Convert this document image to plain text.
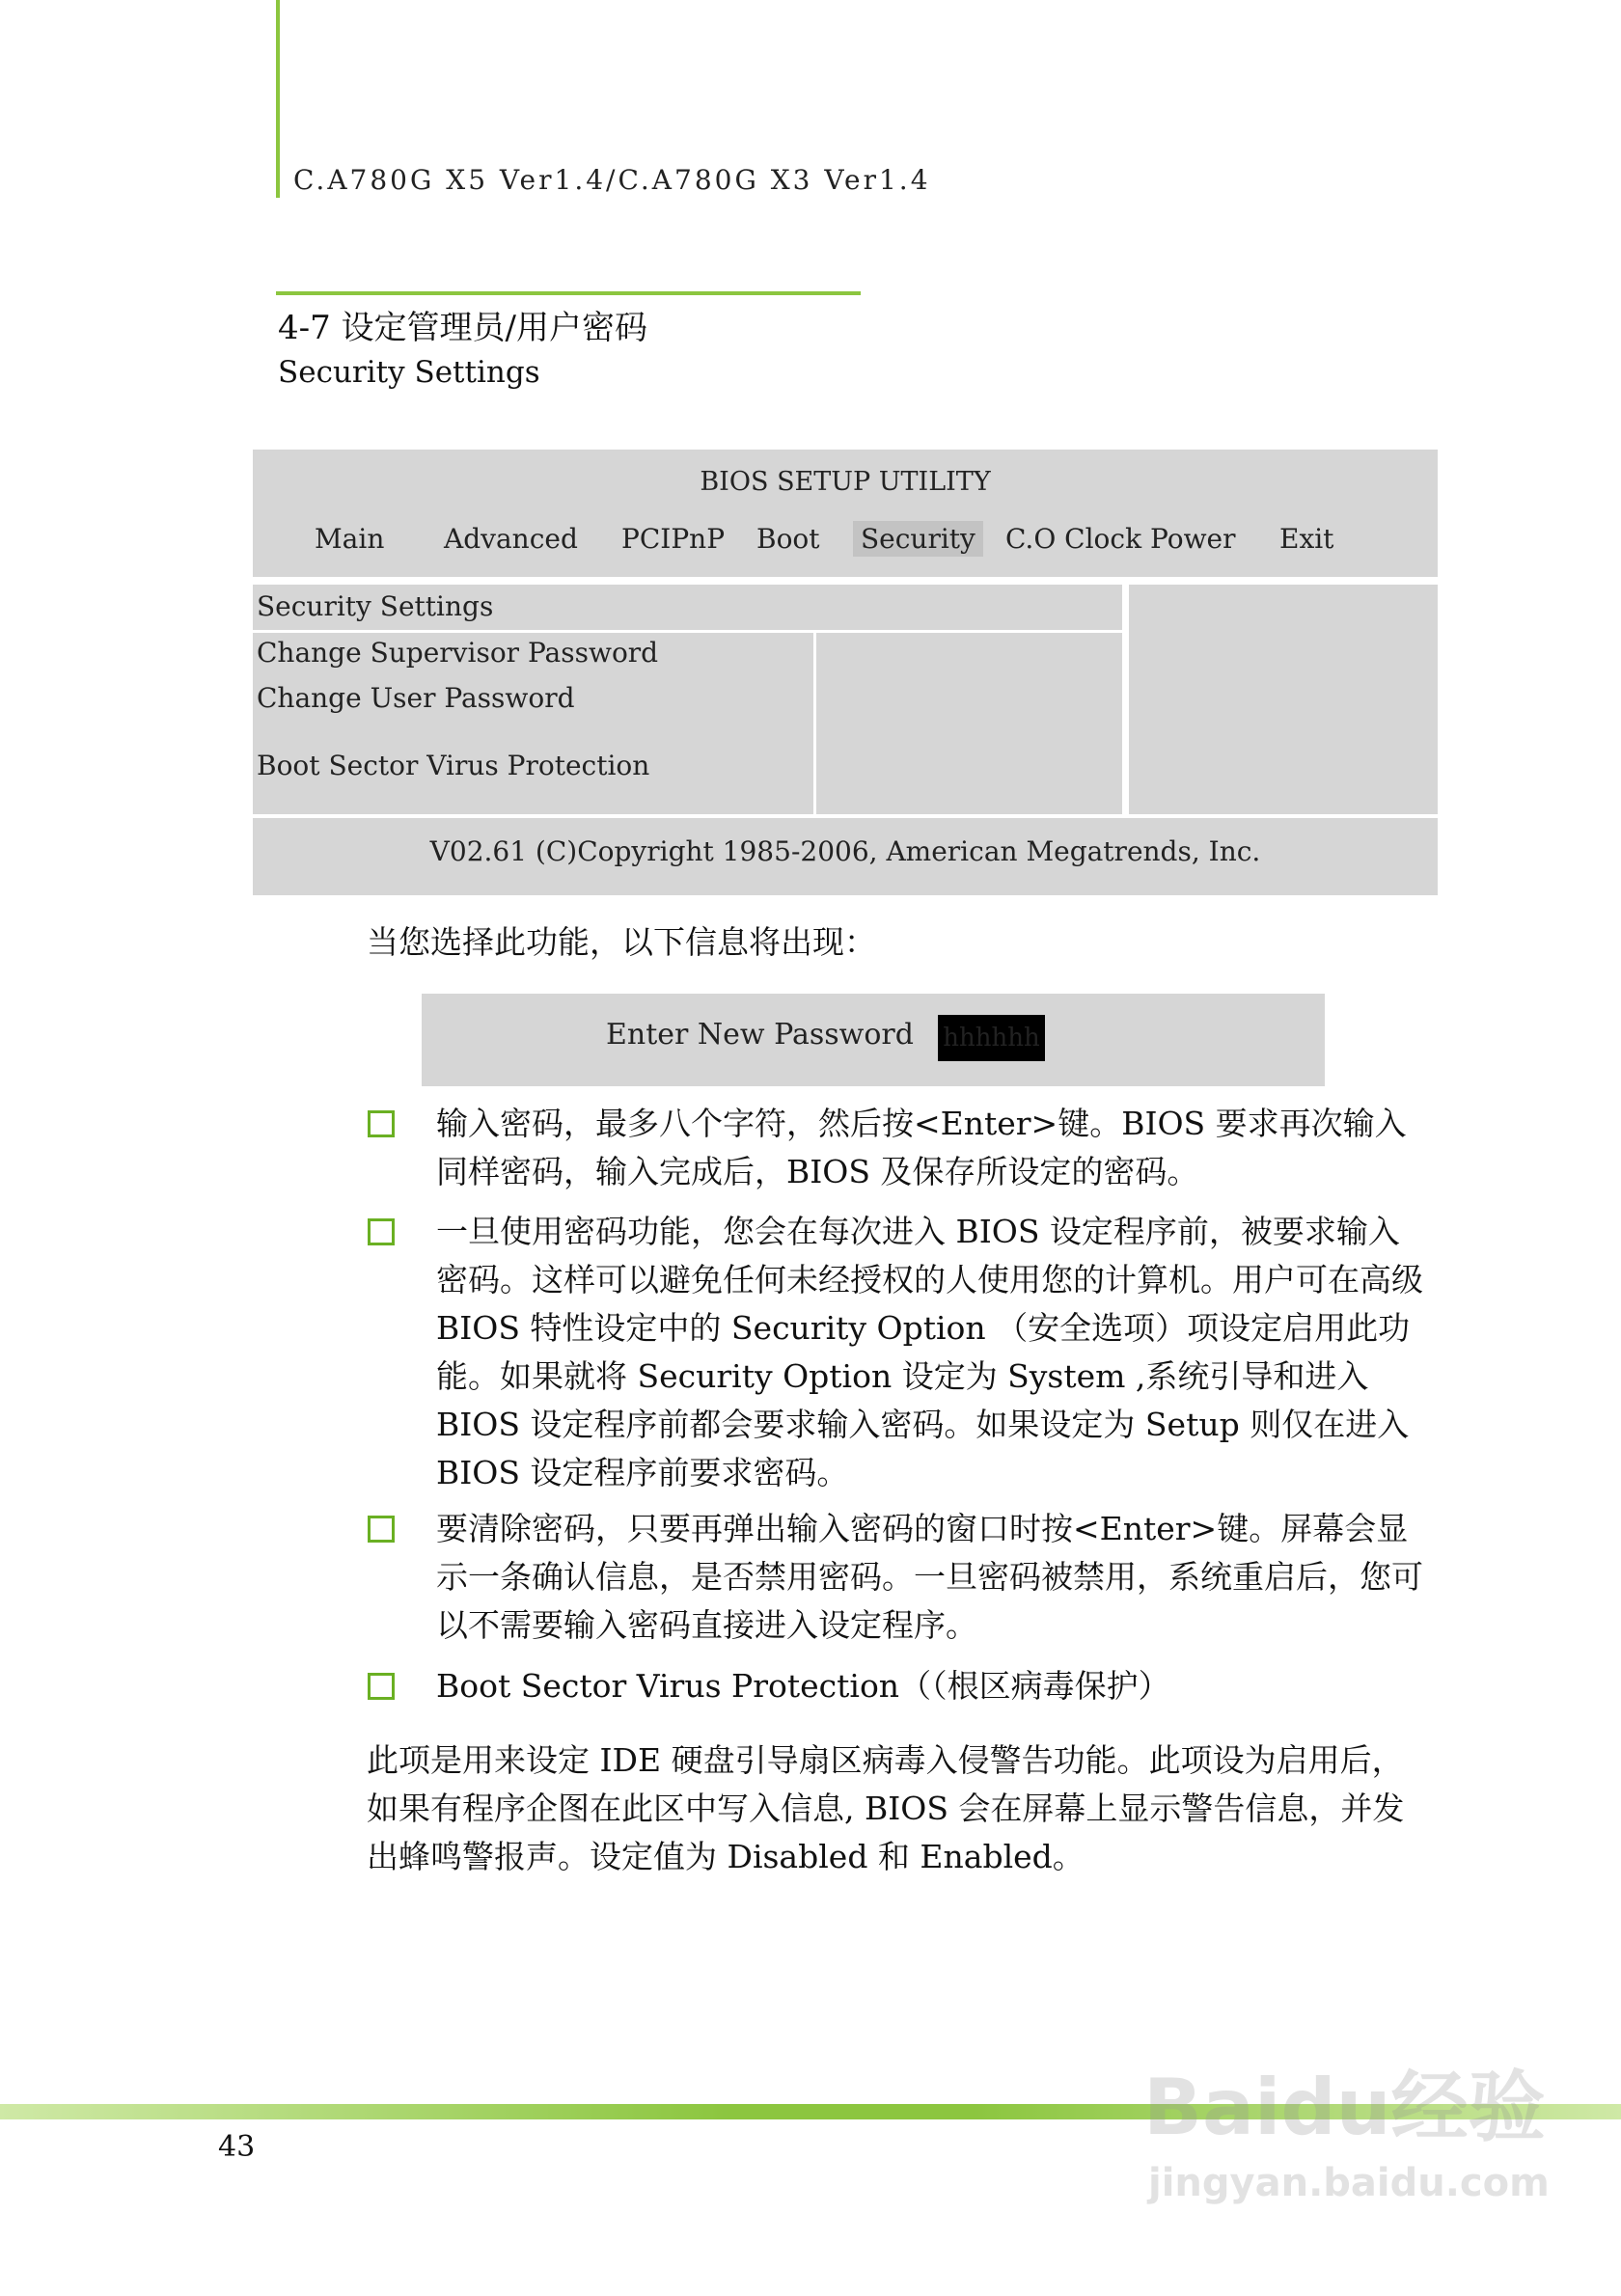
C.A780G X5 Ver1.4/C.A780G X3 Ver1.4
4-7 设定管理员/用户密码
Security Settings
BIOS SETUP UTILITY
Main Advanced PCIPnP Boot Security C.O Clock Power Exit
Security Settings
Change Supervisor Password
Change User Password
Boot Sector Virus Protection
V02.61 (C)Copyright 1985-2006, American Megatrends, Inc.
当您选择此功能，以下信息将出现：
Enter New Password hhhhhh
输入密码，最多八个字符，然后按<Enter>键。BIOS 要求再次输入同样密码，输入完成后，BIOS 及保存所设定的密码。
一旦使用密码功能，您会在每次进入 BIOS 设定程序前，被要求输入密码。这样可以避免任何未经授权的人使用您的计算机。用户可在高级 BIOS 特性设定中的 Security Option （安全选项）项设定启用此功能。如果就将 Security Option 设定为 System ,系统引导和进入 BIOS 设定程序前都会要求输入密码。如果设定为 Setup 则仅在进入 BIOS 设定程序前要求密码。
要清除密码，只要再弹出输入密码的窗口时按<Enter>键。屏幕会显示一条确认信息，是否禁用密码。一旦密码被禁用，系统重启后，您可以不需要输入密码直接进入设定程序。
Boot Sector Virus Protection（（根区病毒保护）
此项是用来设定 IDE 硬盘引导扇区病毒入侵警告功能。此项设为启用后，如果有程序企图在此区中写入信息, BIOS 会在屏幕上显示警告信息，并发出蜂鸣警报声。设定值为 Disabled 和 Enabled。
43	Baidu经验
jingyan.baidu.com
